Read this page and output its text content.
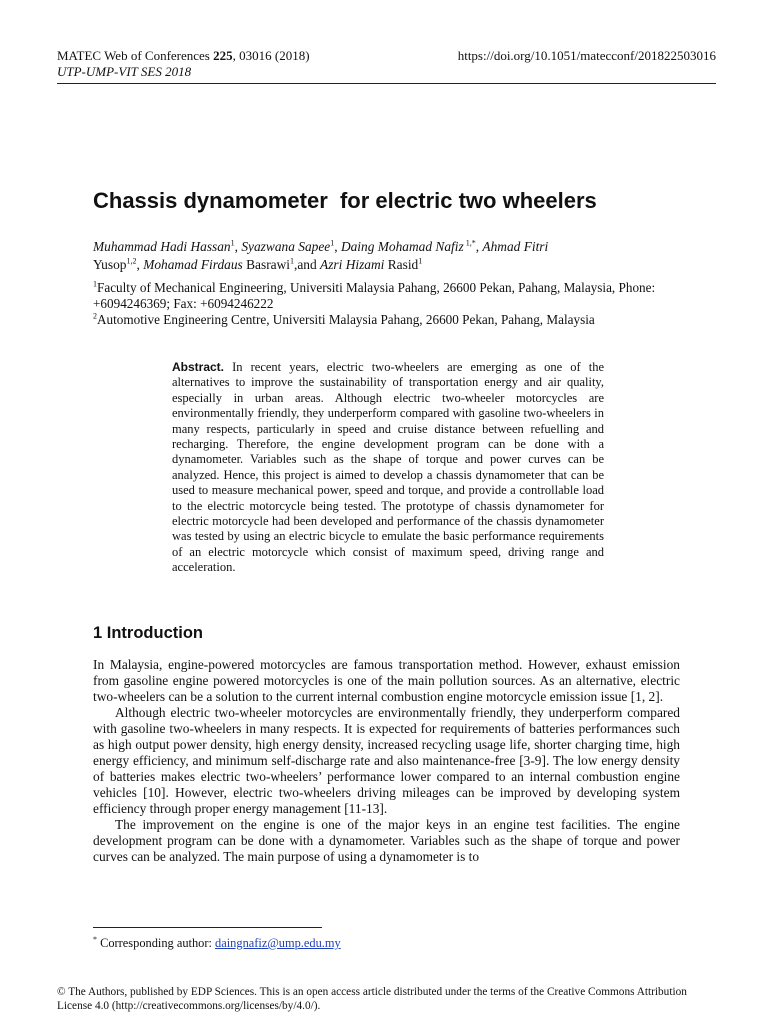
MATEC Web of Conferences 225, 03016 (2018)	https://doi.org/10.1051/matecconf/201822503016
UTP-UMP-VIT SES 2018
Chassis dynamometer  for electric two wheelers
Muhammad Hadi Hassan$^1$, Syazwana Sapee$^1$, Daing Mohamad Nafiz $^{1,*}$, Ahmad Fitri
Yusop$^{1,2}$, Mohamad Firdaus Basrawi$^1$,and Azri Hizami Rasid$^1$
$^1$Faculty of Mechanical Engineering, Universiti Malaysia Pahang, 26600 Pekan, Pahang, Malaysia, Phone: +6094246369; Fax: +6094246222
$^2$Automotive Engineering Centre, Universiti Malaysia Pahang, 26600 Pekan, Pahang, Malaysia
Abstract. In recent years, electric two-wheelers are emerging as one of the alternatives to improve the sustainability of transportation energy and air quality, especially in urban areas. Although electric two-wheeler motorcycles are environmentally friendly, they underperform compared with gasoline two-wheelers in many respects, particularly in speed and cruise distance between refuelling and recharging. Therefore, the engine development program can be done with a dynamometer. Variables such as the shape of torque and power curves can be analyzed. Hence, this project is aimed to develop a chassis dynamometer that can be used to measure mechanical power, speed and torque, and provide a controllable load to the electric motorcycle being tested. The prototype of chassis dynamometer for electric motorcycle had been developed and performance of the chassis dynamometer was tested by using an electric bicycle to emulate the basic performance requirements of an electric motorcycle which consist of maximum speed, driving range and acceleration.
1 Introduction

In Malaysia, engine-powered motorcycles are famous transportation method. However, exhaust emission from gasoline engine powered motorcycles is one of the main pollution sources. As an alternative, electric two-wheelers can be a solution to the current internal combustion engine motorcycle emission issue [1, 2].

Although electric two-wheeler motorcycles are environmentally friendly, they underperform compared with gasoline two-wheelers in many respects. It is expected for requirements of batteries performances such as high output power density, high energy density, increased recycling usage life, shorter charging time, high energy efficiency, and minimum self-discharge rate and also maintenance-free [3-9]. The low energy density of batteries makes electric two-wheelers’ performance lower compared to an internal combustion engine vehicles [10]. However, electric two-wheelers driving mileages can be improved by developing system efficiency through proper energy management [11-13].

The improvement on the engine is one of the major keys in an engine test facilities. The engine development program can be done with a dynamometer. Variables such as the shape of torque and power curves can be analyzed. The main purpose of using a dynamometer is to

* Corresponding author: daingnafiz@ump.edu.my
© The Authors, published by EDP Sciences. This is an open access article distributed under the terms of the Creative Commons Attribution License 4.0 (http://creativecommons.org/licenses/by/4.0/).
